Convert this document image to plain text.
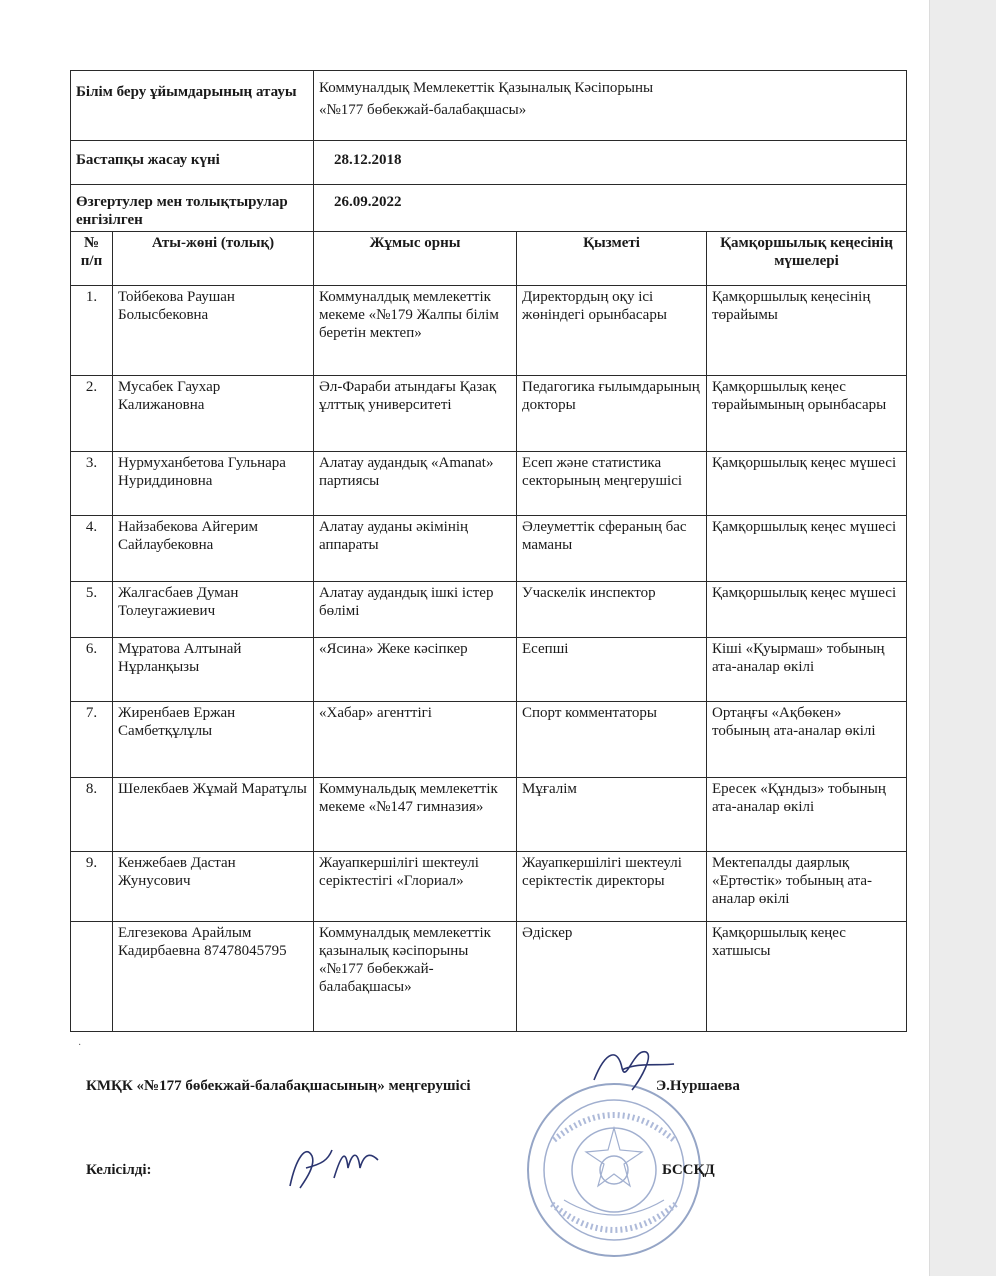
Білім беру ұйымдарының атауы		Коммуналдық Мемлекеттік Қазыналық Кәсіпорыны
«№177 бөбекжай-балабақшасы»		

Бастапқы жасау күні		28.12.2018		
Өзгертулер мен толықтырулар енгізілген		26.09.2022		
№ п/п	Аты-жөні (толық)	Жұмыс орны	Қызметі	Қамқоршылық кеңесінің мүшелері
1.	Тойбекова Раушан Болысбековна	Коммуналдық мемлекеттік мекеме «№179 Жалпы білім беретін мектеп»	Директордың оқу ісі жөніндегі орынбасары	Қамқоршылық кеңесінің төрайымы
2.	Мусабек Гаухар Калижановна	Әл-Фараби атындағы Қазақ ұлттық университеті	Педагогика ғылымдарының докторы	Қамқоршылық кеңес төрайымының орынбасары
3.	Нурмуханбетова Гульнара Нуриддиновна	Алатау аудандық «Amanat» партиясы	Есеп және статистика секторының меңгерушісі	Қамқоршылық кеңес мүшесі
4.	Найзабекова Айгерим Сайлаубековна	Алатау ауданы әкімінің аппараты	Әлеуметтік сфераның бас маманы	Қамқоршылық кеңес мүшесі
5.	Жалгасбаев Думан Толеугажиевич	Алатау аудандық ішкі істер бөлімі	Учаскелік инспектор	Қамқоршылық кеңес мүшесі
6.	Мұратова Алтынай Нұрланқызы	«Ясина» Жеке кәсіпкер	Есепші	Кіші «Қуырмаш» тобының ата-аналар өкілі
7.	Жиренбаев Ержан Самбетқұлұлы	«Хабар» агенттігі	Спорт комментаторы	Ортаңғы «Ақбөкен» тобының ата-аналар өкілі
8.	Шелекбаев Жұмай Маратұлы	Коммунальдық мемлекеттік мекеме «№147 гимназия»	Мұғалім	Ересек «Құндыз» тобының ата-аналар өкілі
9.	Кенжебаев Дастан Жунусович	Жауапкершілігі шектеулі серіктестігі «Глориал»	Жауапкершілігі шектеулі серіктестік директоры	Мектепалды даярлық «Ертөстік» тобының ата-аналар өкілі
	Елгезекова Арайлым Кадирбаевна 87478045795	Коммуналдық мемлекеттік қазыналық кәсіпорыны «№177 бөбекжай-балабақшасы»	Әдіскер	Қамқоршылық кеңес хатшысы
·
КМҚК «№177 бөбекжай-балабақшасының» меңгерушісі	Э.Нуршаева
Келісілді:	БССҚД
